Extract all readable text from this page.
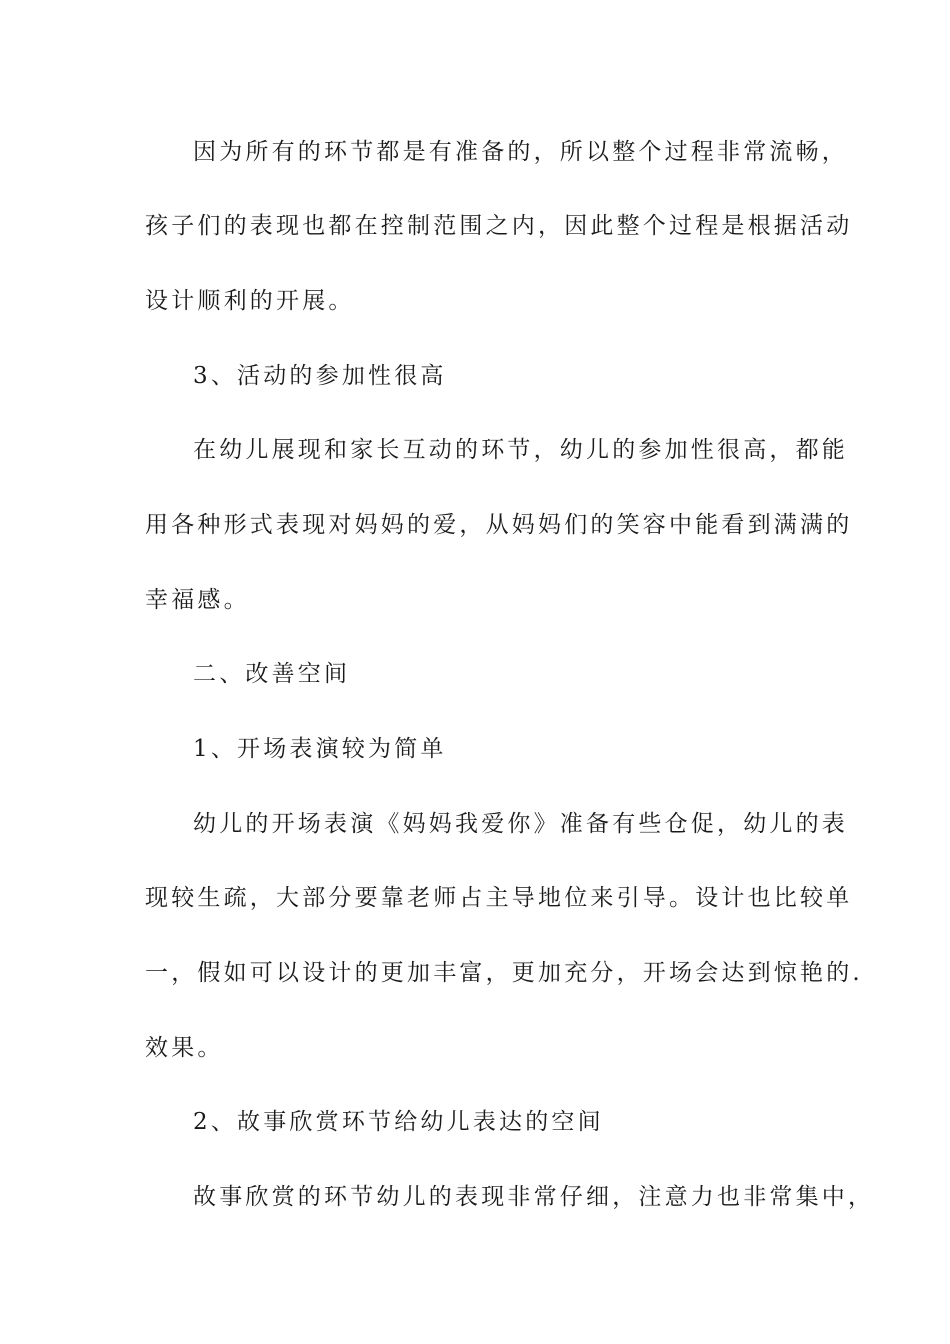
因为所有的环节都是有准备的，所以整个过程非常流畅，
孩子们的表现也都在控制范围之内，因此整个过程是根据活动
设计顺利的开展。
3、活动的参加性很高
在幼儿展现和家长互动的环节，幼儿的参加性很高，都能
用各种形式表现对妈妈的爱，从妈妈们的笑容中能看到满满的
幸福感。
二、改善空间
1、开场表演较为简单
幼儿的开场表演《妈妈我爱你》准备有些仓促，幼儿的表
现较生疏，大部分要靠老师占主导地位来引导。设计也比较单
一，假如可以设计的更加丰富，更加充分，开场会达到惊艳的.
效果。
2、故事欣赏环节给幼儿表达的空间
故事欣赏的环节幼儿的表现非常仔细，注意力也非常集中，
